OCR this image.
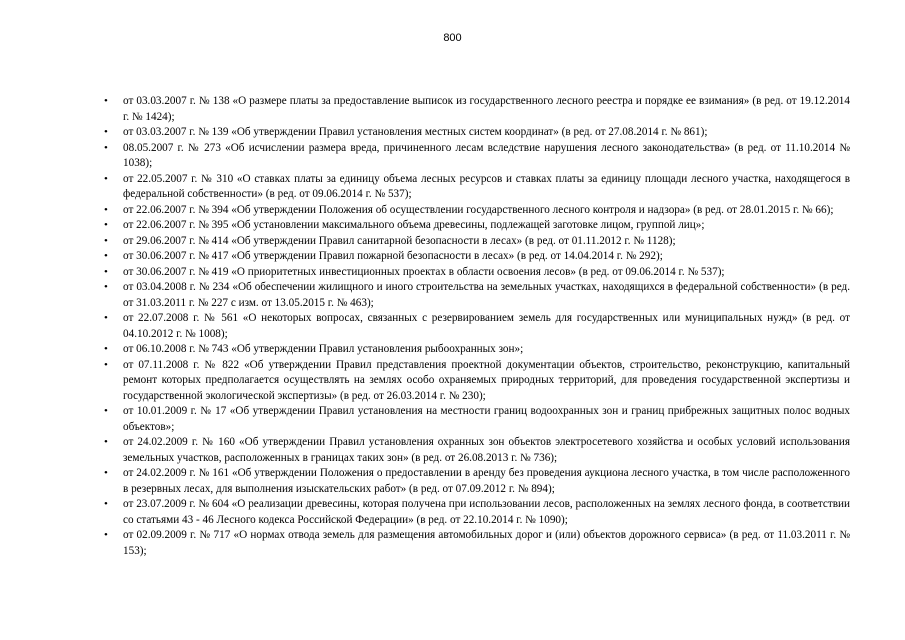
800
•	от 03.03.2007 г. № 138 «О размере платы за предоставление выписок из государственного лесного реестра и порядке ее взимания» (в ред. от 19.12.2014 г. № 1424);
•	от 03.03.2007 г. № 139 «Об утверждении Правил установления местных систем координат» (в ред. от 27.08.2014 г. № 861);
•	08.05.2007 г. № 273 «Об исчислении размера вреда, причиненного лесам вследствие нарушения лесного законодательства» (в ред. от 11.10.2014 № 1038);
•	от 22.05.2007 г. № 310 «О ставках платы за единицу объема лесных ресурсов и ставках платы за единицу площади лесного участка, находящегося в федеральной собственности» (в ред. от 09.06.2014 г. № 537);
•	от 22.06.2007 г. № 394 «Об утверждении Положения об осуществлении государственного лесного контроля и надзора» (в ред. от 28.01.2015 г. № 66);
•	от 22.06.2007 г. № 395 «Об установлении максимального объема древесины, подлежащей заготовке лицом, группой лиц»;
•	от 29.06.2007 г. № 414 «Об утверждении Правил санитарной безопасности в лесах» (в ред. от 01.11.2012 г. № 1128);
•	от 30.06.2007 г. № 417 «Об утверждении Правил пожарной безопасности в лесах» (в ред. от 14.04.2014 г. № 292);
•	от 30.06.2007 г. № 419 «О приоритетных инвестиционных проектах в области освоения лесов» (в ред. от 09.06.2014 г. № 537);
•	от 03.04.2008 г. № 234 «Об обеспечении жилищного и иного строительства на земельных участках, находящихся в федеральной собственности» (в ред. от 31.03.2011 г. № 227 с изм. от 13.05.2015 г. № 463);
•	от 22.07.2008 г. № 561 «О некоторых вопросах, связанных с резервированием земель для государственных или муниципальных нужд» (в ред. от 04.10.2012 г. № 1008);
•	от 06.10.2008 г. № 743 «Об утверждении Правил установления рыбоохранных зон»;
•	от 07.11.2008 г. № 822 «Об утверждении Правил представления проектной документации объектов, строительство, реконструкцию, капитальный ремонт которых предполагается осуществлять на землях особо охраняемых природных территорий, для проведения государственной экспертизы и государственной экологической экспертизы» (в ред. от 26.03.2014 г. № 230);
•	от 10.01.2009 г. № 17 «Об утверждении Правил установления на местности границ водоохранных зон и границ прибрежных защитных полос водных объектов»;
•	от 24.02.2009 г. № 160 «Об утверждении Правил установления охранных зон объектов электросетевого хозяйства и особых условий использования земельных участков, расположенных в границах таких зон» (в ред. от 26.08.2013 г. № 736);
•	от 24.02.2009 г. № 161 «Об утверждении Положения о предоставлении в аренду без проведения аукциона лесного участка, в том числе расположенного в резервных лесах, для выполнения изыскательских работ» (в ред. от 07.09.2012 г. № 894);
•	от 23.07.2009 г. № 604 «О реализации древесины, которая получена при использовании лесов, расположенных на землях лесного фонда, в соответствии со статьями 43 - 46 Лесного кодекса Российской Федерации» (в ред. от 22.10.2014 г. № 1090);
•	от 02.09.2009 г. № 717 «О нормах отвода земель для размещения автомобильных дорог и (или) объектов дорожного сервиса» (в ред. от 11.03.2011 г. № 153);
